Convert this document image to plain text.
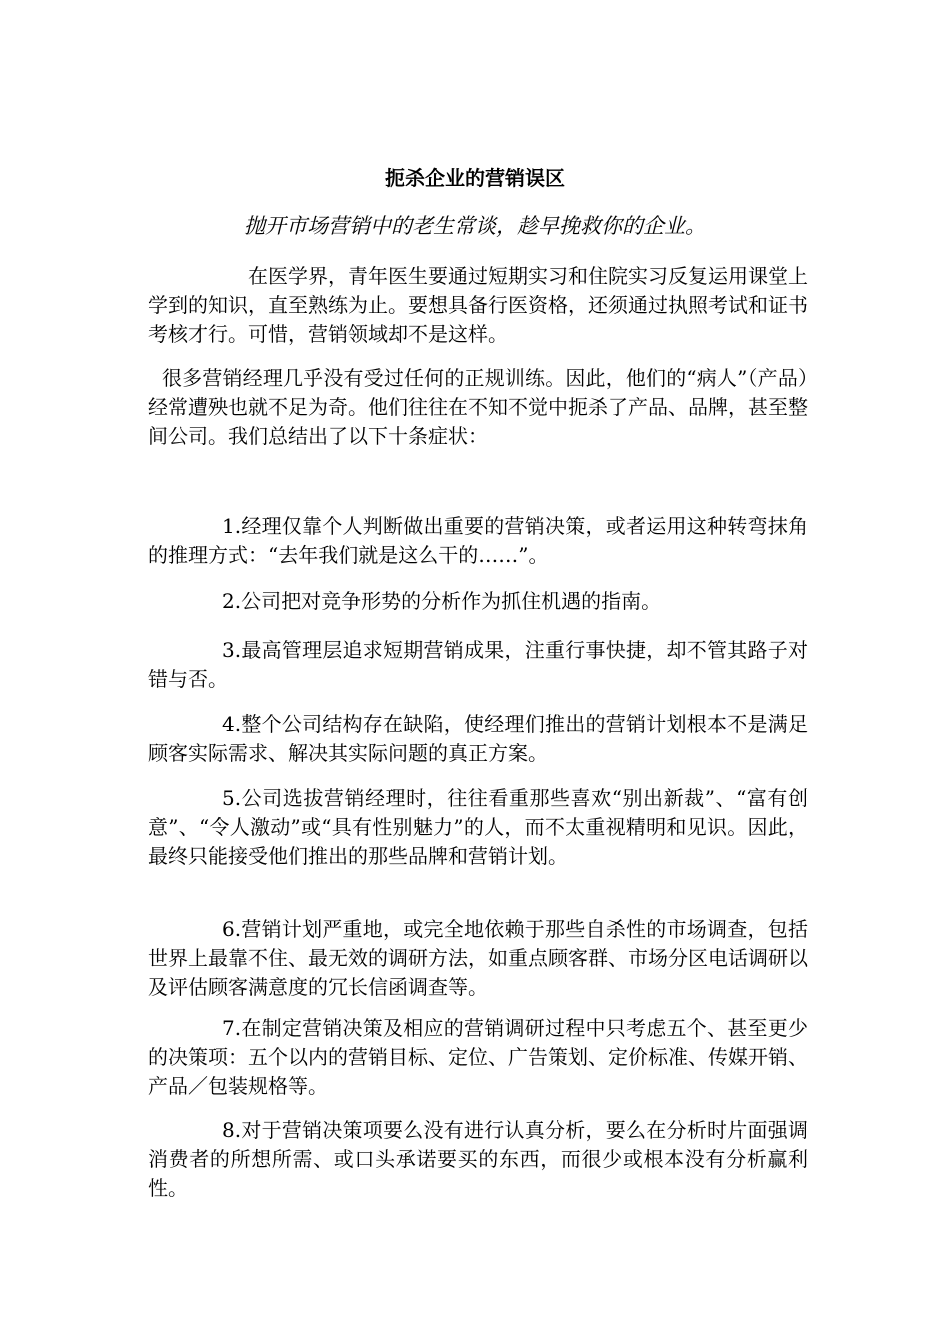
扼杀企业的营销误区
抛开市场营销中的老生常谈，趁早挽救你的企业。

在医学界，青年医生要通过短期实习和住院实习反复运用课堂上学到的知识，直至熟练为止。要想具备行医资格，还须通过执照考试和证书考核才行。可惜，营销领域却不是这样。

很多营销经理几乎没有受过任何的正规训练。因此，他们的“病人”（产品）经常遭殃也就不足为奇。他们往往在不知不觉中扼杀了产品、品牌，甚至整间公司。我们总结出了以下十条症状：

1.经理仅靠个人判断做出重要的营销决策，或者运用这种转弯抹角的推理方式：“去年我们就是这么干的……”。

2.公司把对竞争形势的分析作为抓住机遇的指南。

3.最高管理层追求短期营销成果，注重行事快捷，却不管其路子对错与否。

4.整个公司结构存在缺陷，使经理们推出的营销计划根本不是满足顾客实际需求、解决其实际问题的真正方案。

5.公司选拔营销经理时，往往看重那些喜欢“别出新裁”、“富有创意”、“令人激动”或“具有性别魅力”的人，而不太重视精明和见识。因此，最终只能接受他们推出的那些品牌和营销计划。

6.营销计划严重地，或完全地依赖于那些自杀性的市场调查，包括世界上最靠不住、最无效的调研方法，如重点顾客群、市场分区电话调研以及评估顾客满意度的冗长信函调查等。

7.在制定营销决策及相应的营销调研过程中只考虑五个、甚至更少的决策项：五个以内的营销目标、定位、广告策划、定价标准、传媒开销、产品／包装规格等。

8.对于营销决策项要么没有进行认真分析，要么在分析时片面强调消费者的所想所需、或口头承诺要买的东西，而很少或根本没有分析赢利性。
